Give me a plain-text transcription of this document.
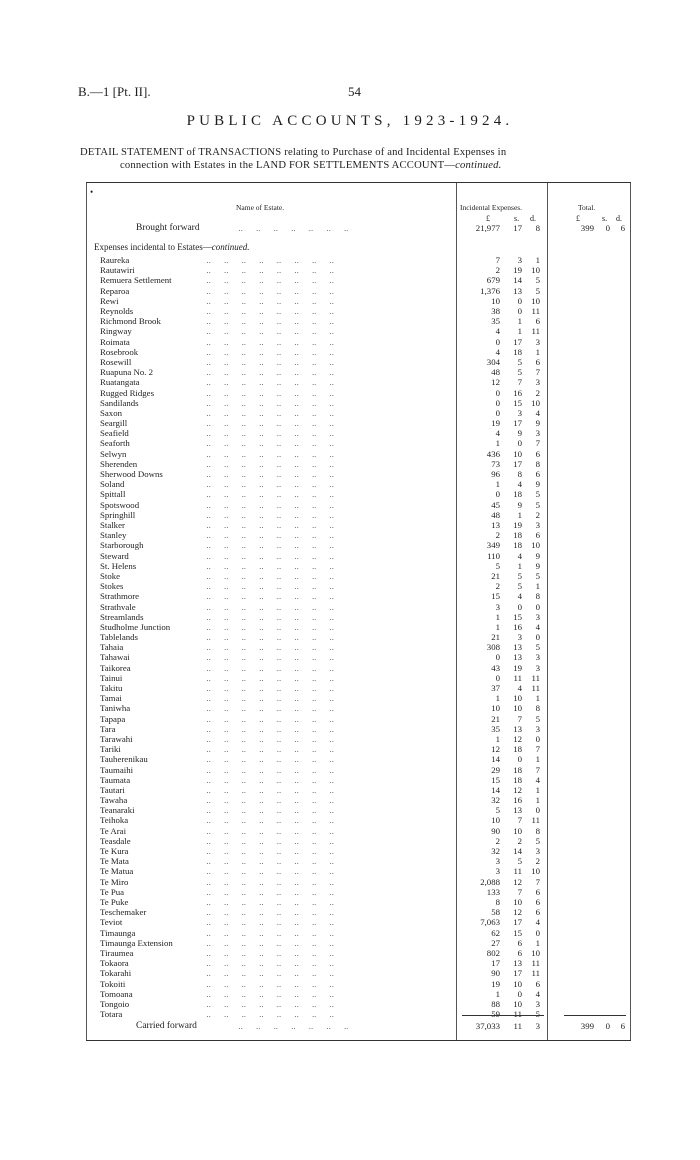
B.—1 [Pt. II].	54
PUBLIC ACCOUNTS, 1923-1924.
DETAIL STATEMENT of TRANSACTIONS relating to Purchase of and Incidental Expenses in
connection with Estates in the LAND FOR SETTLEMENTS ACCOUNT—continued.
•
Name of Estate.	Incidental Expenses.	Total.
£	s. d.	£	s. d.
Brought forward	..      ..      ..      ..      ..      ..      ..	21,977	17	8	399	0	6
Expenses incidental to Estates—continued.
Raureka	..      ..      ..      ..      ..      ..      ..      ..	7	3	1
Rautawiri	..      ..      ..      ..      ..      ..      ..      ..	2	19	10
Remuera Settlement	..      ..      ..      ..      ..      ..      ..      ..	679	14	5
Reparoa	..      ..      ..      ..      ..      ..      ..      ..	1,376	13	5
Rewi	..      ..      ..      ..      ..      ..      ..      ..	10	0	10
Reynolds	..      ..      ..      ..      ..      ..      ..      ..	38	0	11
Richmond Brook	..      ..      ..      ..      ..      ..      ..      ..	35	1	6
Ringway	..      ..      ..      ..      ..      ..      ..      ..	4	1	11
Roimata	..      ..      ..      ..      ..      ..      ..      ..	0	17	3
Rosebrook	..      ..      ..      ..      ..      ..      ..      ..	4	18	1
Rosewill	..      ..      ..      ..      ..      ..      ..      ..	304	5	6
Ruapuna No. 2	..      ..      ..      ..      ..      ..      ..      ..	48	5	7
Ruatangata	..      ..      ..      ..      ..      ..      ..      ..	12	7	3
Rugged Ridges	..      ..      ..      ..      ..      ..      ..      ..	0	16	2
Sandilands	..      ..      ..      ..      ..      ..      ..      ..	0	15	10
Saxon	..      ..      ..      ..      ..      ..      ..      ..	0	3	4
Seargill	..      ..      ..      ..      ..      ..      ..      ..	19	17	9
Seafield	..      ..      ..      ..      ..      ..      ..      ..	4	9	3
Seaforth	..      ..      ..      ..      ..      ..      ..      ..	1	0	7
Selwyn	..      ..      ..      ..      ..      ..      ..      ..	436	10	6
Sherenden	..      ..      ..      ..      ..      ..      ..      ..	73	17	8
Sherwood Downs	..      ..      ..      ..      ..      ..      ..      ..	96	8	6
Soland	..      ..      ..      ..      ..      ..      ..      ..	1	4	9
Spittall	..      ..      ..      ..      ..      ..      ..      ..	0	18	5
Spotswood	..      ..      ..      ..      ..      ..      ..      ..	45	9	5
Springhill	..      ..      ..      ..      ..      ..      ..      ..	48	1	2
Stalker	..      ..      ..      ..      ..      ..      ..      ..	13	19	3
Stanley	..      ..      ..      ..      ..      ..      ..      ..	2	18	6
Starborough	..      ..      ..      ..      ..      ..      ..      ..	349	18	10
Steward	..      ..      ..      ..      ..      ..      ..      ..	110	4	9
St. Helens	..      ..      ..      ..      ..      ..      ..      ..	5	1	9
Stoke	..      ..      ..      ..      ..      ..      ..      ..	21	5	5
Stokes	..      ..      ..      ..      ..      ..      ..      ..	2	5	1
Strathmore	..      ..      ..      ..      ..      ..      ..      ..	15	4	8
Strathvale	..      ..      ..      ..      ..      ..      ..      ..	3	0	0
Streamlands	..      ..      ..      ..      ..      ..      ..      ..	1	15	3
Studholme Junction	..      ..      ..      ..      ..      ..      ..      ..	1	16	4
Tablelands	..      ..      ..      ..      ..      ..      ..      ..	21	3	0
Tahaia	..      ..      ..      ..      ..      ..      ..      ..	308	13	5
Tahawai	..      ..      ..      ..      ..      ..      ..      ..	0	13	3
Taikorea	..      ..      ..      ..      ..      ..      ..      ..	43	19	3
Tainui	..      ..      ..      ..      ..      ..      ..      ..	0	11	11
Takitu	..      ..      ..      ..      ..      ..      ..      ..	37	4	11
Tamai	..      ..      ..      ..      ..      ..      ..      ..	1	10	1
Taniwha	..      ..      ..      ..      ..      ..      ..      ..	10	10	8
Tapapa	..      ..      ..      ..      ..      ..      ..      ..	21	7	5
Tara	..      ..      ..      ..      ..      ..      ..      ..	35	13	3
Tarawahi	..      ..      ..      ..      ..      ..      ..      ..	1	12	0
Tariki	..      ..      ..      ..      ..      ..      ..      ..	12	18	7
Tauherenikau	..      ..      ..      ..      ..      ..      ..      ..	14	0	1
Taumaihi	..      ..      ..      ..      ..      ..      ..      ..	29	18	7
Taumata	..      ..      ..      ..      ..      ..      ..      ..	15	18	4
Tautari	..      ..      ..      ..      ..      ..      ..      ..	14	12	1
Tawaha	..      ..      ..      ..      ..      ..      ..      ..	32	16	1
Teanaraki	..      ..      ..      ..      ..      ..      ..      ..	5	13	0
Teihoka	..      ..      ..      ..      ..      ..      ..      ..	10	7	11
Te Arai	..      ..      ..      ..      ..      ..      ..      ..	90	10	8
Teasdale	..      ..      ..      ..      ..      ..      ..      ..	2	2	5
Te Kura	..      ..      ..      ..      ..      ..      ..      ..	32	14	3
Te Mata	..      ..      ..      ..      ..      ..      ..      ..	3	5	2
Te Matua	..      ..      ..      ..      ..      ..      ..      ..	3	11	10
Te Miro	..      ..      ..      ..      ..      ..      ..      ..	2,088	12	7
Te Pua	..      ..      ..      ..      ..      ..      ..      ..	133	7	6
Te Puke	..      ..      ..      ..      ..      ..      ..      ..	8	10	6
Teschemaker	..      ..      ..      ..      ..      ..      ..      ..	58	12	6
Teviot	..      ..      ..      ..      ..      ..      ..      ..	7,063	17	4
Timaunga	..      ..      ..      ..      ..      ..      ..      ..	62	15	0
Timaunga Extension	..      ..      ..      ..      ..      ..      ..      ..	27	6	1
Tiraumea	..      ..      ..      ..      ..      ..      ..      ..	802	6	10
Tokaora	..      ..      ..      ..      ..      ..      ..      ..	17	13	11
Tokarahi	..      ..      ..      ..      ..      ..      ..      ..	90	17	11
Tokoiti	..      ..      ..      ..      ..      ..      ..      ..	19	10	6
Tomoana	..      ..      ..      ..      ..      ..      ..      ..	1	0	4
Tongoio	..      ..      ..      ..      ..      ..      ..      ..	88	10	3
Totara	..      ..      ..      ..      ..      ..      ..      ..	59	11	5
Carried forward	..      ..      ..      ..      ..      ..      ..	37,033	11	3	399	0	6
